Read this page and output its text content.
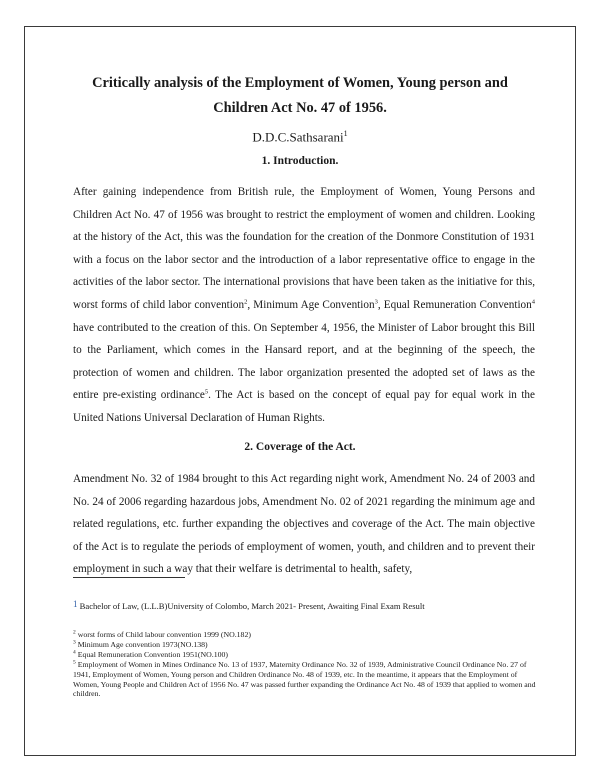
Critically analysis of the Employment of Women, Young person and Children Act No. 47 of 1956.
D.D.C.Sathsarani$^1$
1. Introduction.
After gaining independence from British rule, the Employment of Women, Young Persons and Children Act No. 47 of 1956 was brought to restrict the employment of women and children. Looking at the history of the Act, this was the foundation for the creation of the Donmore Constitution of 1931 with a focus on the labor sector and the introduction of a labor representative office to engage in the activities of the labor sector. The international provisions that have been taken as the initiative for this, worst forms of child labor convention$^2$, Minimum Age Convention$^3$, Equal Remuneration Convention$^4$ have contributed to the creation of this. On September 4, 1956, the Minister of Labor brought this Bill to the Parliament, which comes in the Hansard report, and at the beginning of the speech, the protection of women and children. The labor organization presented the adopted set of laws as the entire pre-existing ordinance$^5$. The Act is based on the concept of equal pay for equal work in the United Nations Universal Declaration of Human Rights.
2. Coverage of the Act.
Amendment No. 32 of 1984 brought to this Act regarding night work, Amendment No. 24 of 2003 and No. 24 of 2006 regarding hazardous jobs, Amendment No. 02 of 2021 regarding the minimum age and related regulations, etc. further expanding the objectives and coverage of the Act. The main objective of the Act is to regulate the periods of employment of women, youth, and children and to prevent their employment in such a way that their welfare is detrimental to health, safety,
$^1$ Bachelor of Law, (L.L.B)University of Colombo, March 2021- Present, Awaiting Final Exam Result

$^2$ worst forms of Child labour convention 1999 (NO.182)

$^3$ Minimum Age convention 1973(NO.138)

$^4$ Equal Remuneration Convention 1951(NO.100)

$^5$ Employment of Women in Mines Ordinance No. 13 of 1937, Maternity Ordinance No. 32 of 1939, Administrative Council Ordinance No. 27 of 1941, Employment of Women, Young person and Children Ordinance No. 48 of 1939, etc. In the meantime, it appears that the Employment of Women, Young People and Children Act of 1956 No. 47 was passed further expanding the Ordinance Act No. 48 of 1939 that applied to women and children.
